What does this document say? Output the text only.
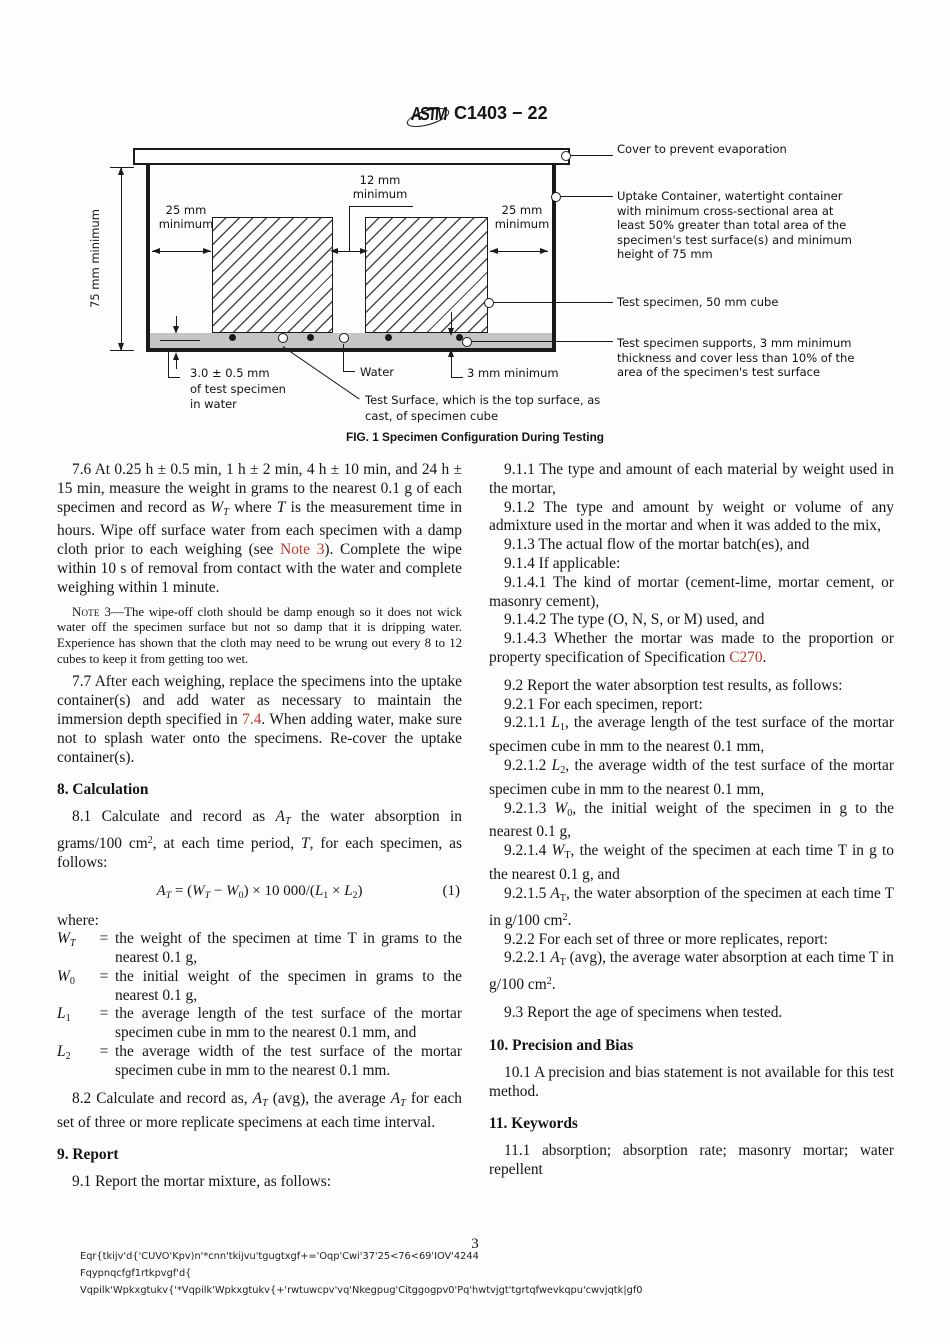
ASTM C1403 − 22
75 mm minimum	25 mm
minimum
25 mm
minimum
12 mm
minimum
3.0 ± 0.5 mm
of test specimen
in water
Water	3 mm minimum
Test Surface, which is the top surface, as
cast, of specimen cube
Cover to prevent evaporation
Uptake Container, watertight container with minimum cross-sectional area at least 50% greater than total area of the specimen's test surface(s) and minimum height of 75 mm
Test specimen, 50 mm cube
Test specimen supports, 3 mm minimum thickness and cover less than 10% of the area of the specimen's test surface
FIG. 1 Specimen Configuration During Testing

7.6 At 0.25 h ± 0.5 min, 1 h ± 2 min, 4 h ± 10 min, and 24 h ± 15 min, measure the weight in grams to the nearest 0.1 g of each specimen and record as WT where T is the measurement time in hours. Wipe off surface water from each specimen with a damp cloth prior to each weighing (see Note 3). Complete the wipe within 10 s of removal from contact with the water and complete weighing within 1 minute.

Note 3—The wipe-off cloth should be damp enough so it does not wick water off the specimen surface but not so damp that it is dripping water. Experience has shown that the cloth may need to be wrung out every 8 to 12 cubes to keep it from getting too wet.

7.7 After each weighing, replace the specimens into the uptake container(s) and add water as necessary to maintain the immersion depth specified in 7.4. When adding water, make sure not to splash water onto the specimens. Re-cover the uptake container(s).

8. Calculation

8.1 Calculate and record as AT the water absorption in grams/100 $cm^2$, at each time period, T, for each specimen, as follows:

AT = (WT − W0) × 10 000/(L1 × L2)	(1)

where:

WT	= the weight of the specimen at time T in grams to the nearest 0.1 g,
W0	= the initial weight of the specimen in grams to the nearest 0.1 g,
L1	= the average length of the test surface of the mortar specimen cube in mm to the nearest 0.1 mm, and
L2	= the average width of the test surface of the mortar specimen cube in mm to the nearest 0.1 mm.

8.2 Calculate and record as, AT (avg), the average AT for each set of three or more replicate specimens at each time interval.

9. Report

9.1 Report the mortar mixture, as follows:

9.1.1 The type and amount of each material by weight used in the mortar,

9.1.2 The type and amount by weight or volume of any admixture used in the mortar and when it was added to the mix,

9.1.3 The actual flow of the mortar batch(es), and

9.1.4 If applicable:

9.1.4.1 The kind of mortar (cement-lime, mortar cement, or masonry cement),

9.1.4.2 The type (O, N, S, or M) used, and

9.1.4.3 Whether the mortar was made to the proportion or property specification of Specification C270.

9.2 Report the water absorption test results, as follows:

9.2.1 For each specimen, report:

9.2.1.1 L1, the average length of the test surface of the mortar specimen cube in mm to the nearest 0.1 mm,

9.2.1.2 L2, the average width of the test surface of the mortar specimen cube in mm to the nearest 0.1 mm,

9.2.1.3 W0, the initial weight of the specimen in g to the nearest 0.1 g,

9.2.1.4 WT, the weight of the specimen at each time T in g to the nearest 0.1 g, and

9.2.1.5 AT, the water absorption of the specimen at each time T in g/100 $cm^2$.

9.2.2 For each set of three or more replicates, report:

9.2.2.1 AT (avg), the average water absorption at each time T in g/100 $cm^2$.

9.3 Report the age of specimens when tested.

10. Precision and Bias

10.1 A precision and bias statement is not available for this test method.

11. Keywords

11.1 absorption; absorption rate; masonry mortar; water repellent

3
Eqr{tkijv'd{'CUVO'Kpv)n'*cnn'tkijvu'tgugtxgf+='Oqp'Cwi'37'25<76<69'IOV'4244
Fqypnqcfgf1rtkpvgf'd{
Vqpilk'Wpkxgtukv{'*Vqpilk'Wpkxgtukv{+'rwtuwcpv'vq'Nkegpug'Citggogpv0'Pq'hwtvjgt'tgrtqfwevkqpu'cwvjqtk|gf0
